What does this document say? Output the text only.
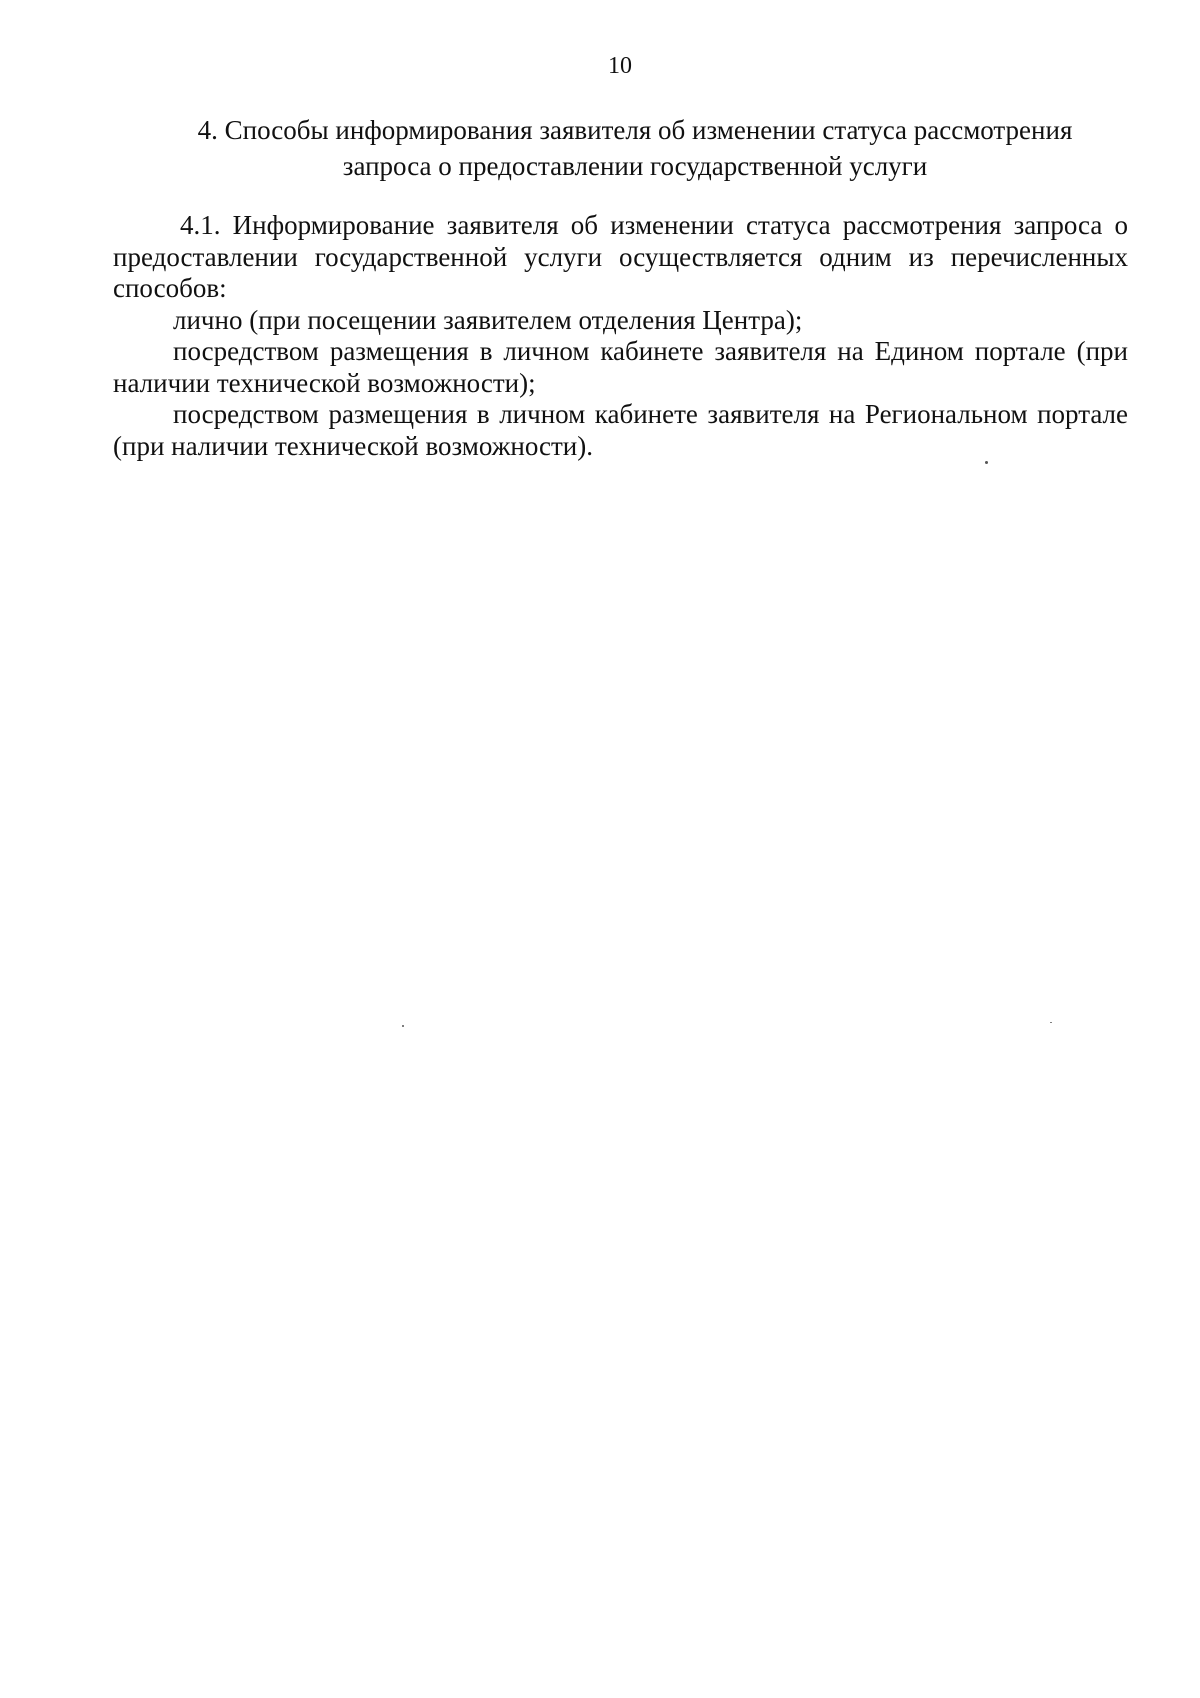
10
4. Способы информирования заявителя об изменении статуса рассмотрения
запроса о предоставлении государственной услуги

4.1. Информирование заявителя об изменении статуса рассмотрения запроса о предоставлении государственной услуги осуществляется одним из перечисленных способов:

лично (при посещении заявителем отделения Центра);

посредством размещения в личном кабинете заявителя на Едином портале (при наличии технической возможности);

посредством размещения в личном кабинете заявителя на Региональном портале (при наличии технической возможности).
